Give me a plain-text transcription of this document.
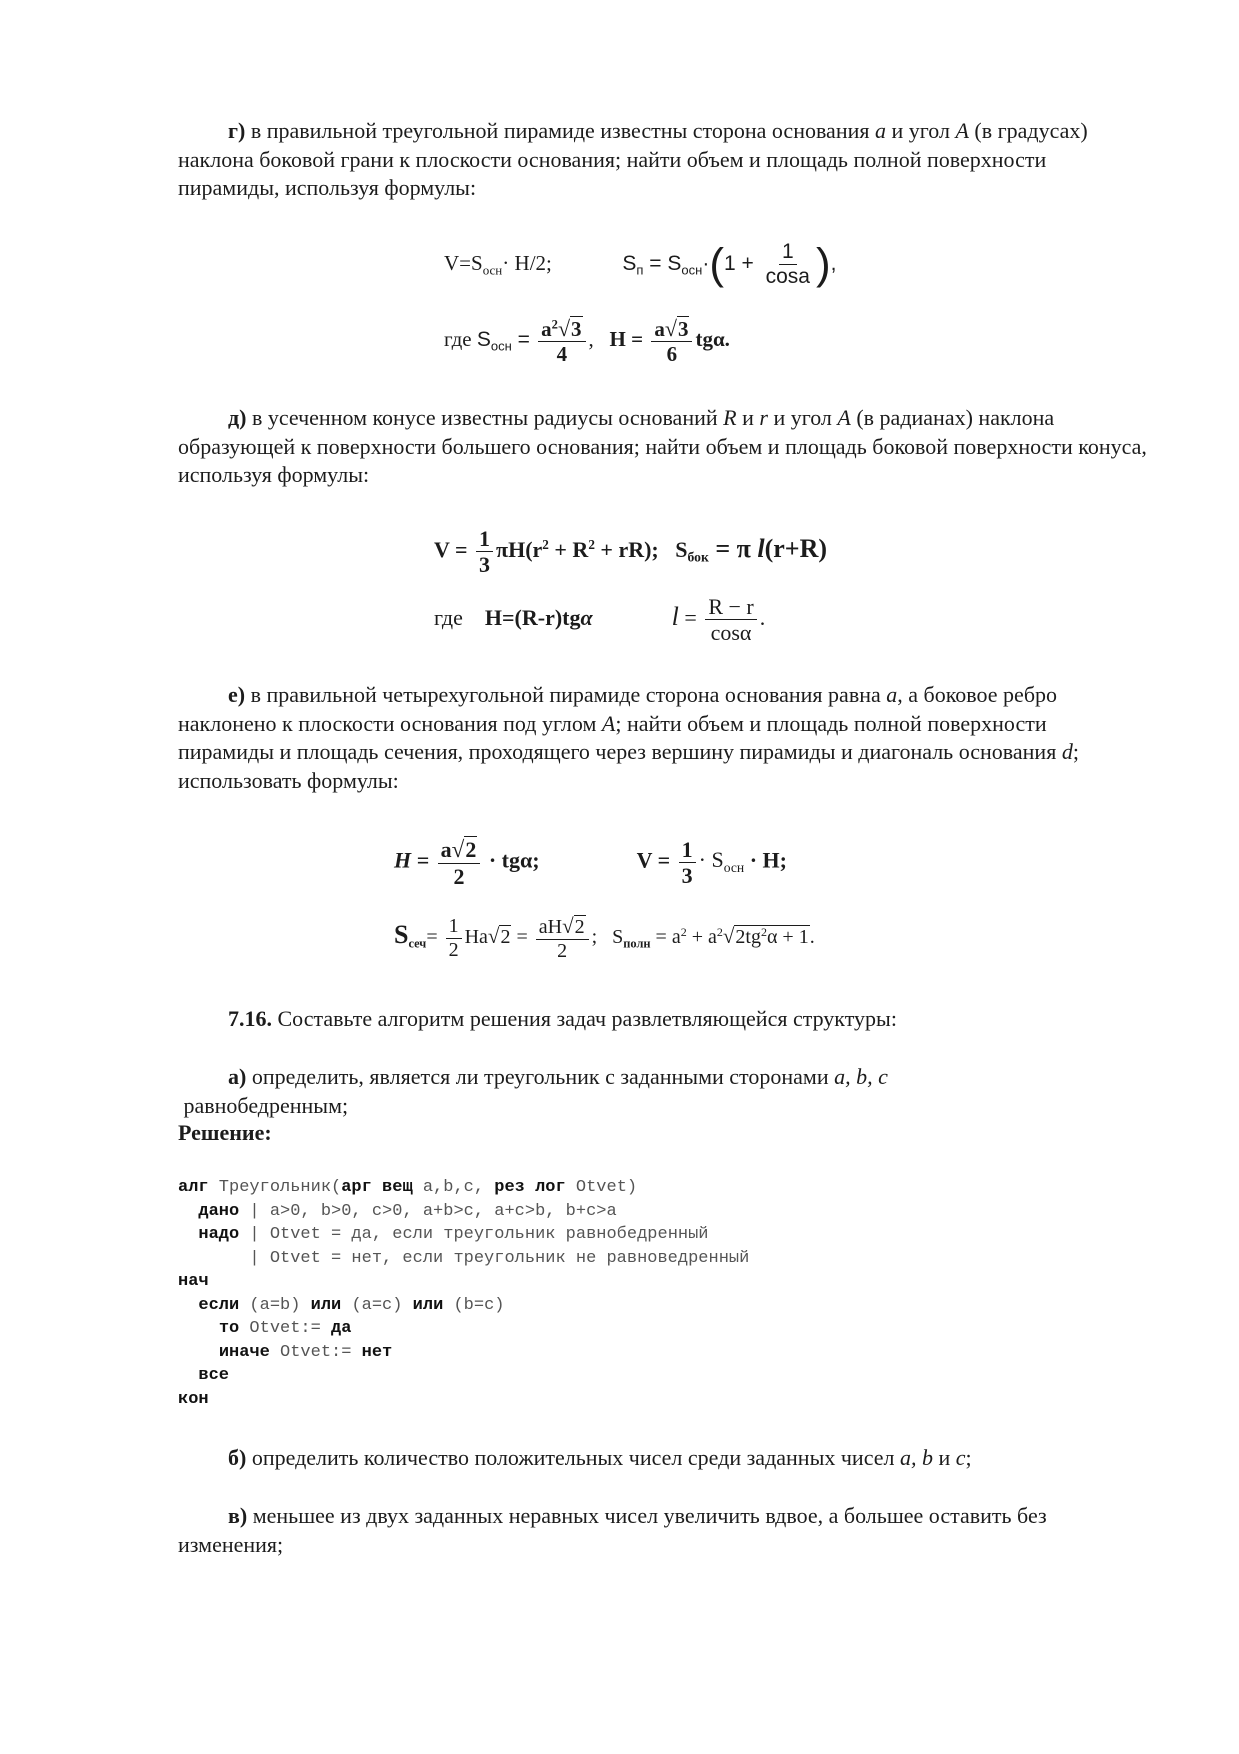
г) в правильной треугольной пирамиде известны сторона основания a и угол A (в градусах) наклона боковой грани к плоскости основания; найти объем и площадь полной поверхности пирамиды, используя формулы:
$V=S_{осн}\cdot H/2$;	$S_п = S_{осн}\cdot(1 + \frac{1}{\cos a}$ ),
где $S_{осн} = \frac{a^2√3}{4}$ , $H = \frac{a√3}{6} tg\alpha$.
д) в усеченном конусе известны радиусы оснований R и r и угол A (в радианах) наклона образующей к поверхности большего основания; найти объем и площадь боковой поверхности конуса, используя формулы:
$V = \frac{1}{3} \pi H(r^2 + R^2 + rR)$; $S_{бок} = \pi$ l(r+R)
где H=(R-r)tgα	$l = \frac{R - r}{\cos\alpha}$ .
е) в правильной четырехугольной пирамиде сторона основания равна a, а боковое ребро наклонено к плоскости основания под углом A; найти объем и площадь полной поверхности пирамиды и площадь сечения, проходящего через вершину пирамиды и диагональ основания d; использовать формулы:
$H = \frac{a√2}{2} \cdot tg\alpha$;	$V = \frac{1}{3} \cdot S_{осн} \cdot H$;
$S_{сеч}= \frac{1}{2} Ha√2 = \frac{aH√2}{2}$ ; $S_{полн} = a^2 + a^2√2tg^2\alpha + 1$.
7.16. Составьте алгоритм решения задач развлетвляющейся структуры:
а) определить, является ли треугольник с заданными сторонами a, b, c
равнобедренным;
Решение:
алг Треугольник(арг вещ a,b,c, рез лог Otvet)
дано | a>0, b>0, c>0, a+b>c, a+c>b, b+c>a
надо | Otvet = да, если треугольник равнобедренный
| Otvet = нет, если треугольник не равноведренный
нач
если (a=b) или (a=c) или (b=c)
то Otvet:= да
иначе Otvet:= нет
все
кон
б) определить количество положительных чисел среди заданных чисел a, b и c;
в) меньшее из двух заданных неравных чисел увеличить вдвое, а большее оставить без изменения;
